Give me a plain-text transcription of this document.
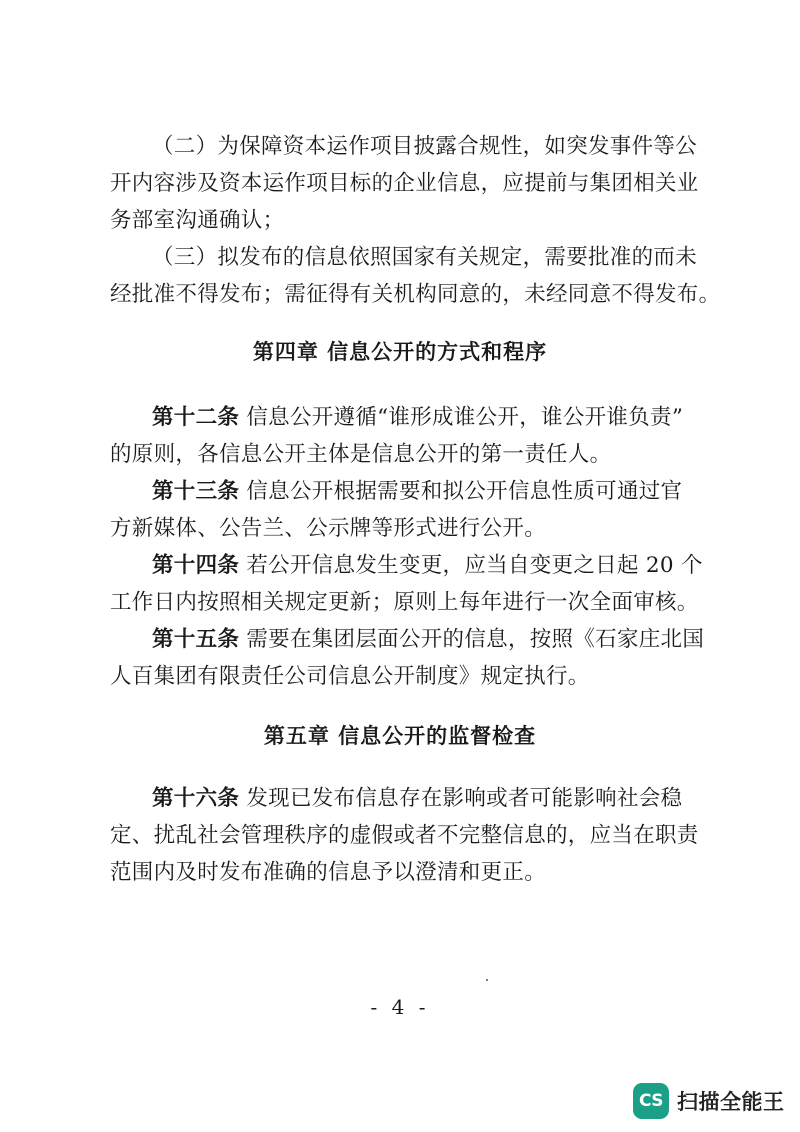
（二）为保障资本运作项目披露合规性，如突发事件等公
开内容涉及资本运作项目标的企业信息，应提前与集团相关业
务部室沟通确认；
（三）拟发布的信息依照国家有关规定，需要批准的而未
经批准不得发布；需征得有关机构同意的，未经同意不得发布。
第四章 信息公开的方式和程序
第十二条 信息公开遵循“谁形成谁公开，谁公开谁负责”
的原则，各信息公开主体是信息公开的第一责任人。
第十三条 信息公开根据需要和拟公开信息性质可通过官
方新媒体、公告兰、公示牌等形式进行公开。
第十四条 若公开信息发生变更，应当自变更之日起 20 个
工作日内按照相关规定更新；原则上每年进行一次全面审核。
第十五条 需要在集团层面公开的信息，按照《石家庄北国
人百集团有限责任公司信息公开制度》规定执行。
第五章 信息公开的监督检查
第十六条 发现已发布信息存在影响或者可能影响社会稳
定、扰乱社会管理秩序的虚假或者不完整信息的，应当在职责
范围内及时发布准确的信息予以澄清和更正。
- 4 -
CS 扫描全能王
